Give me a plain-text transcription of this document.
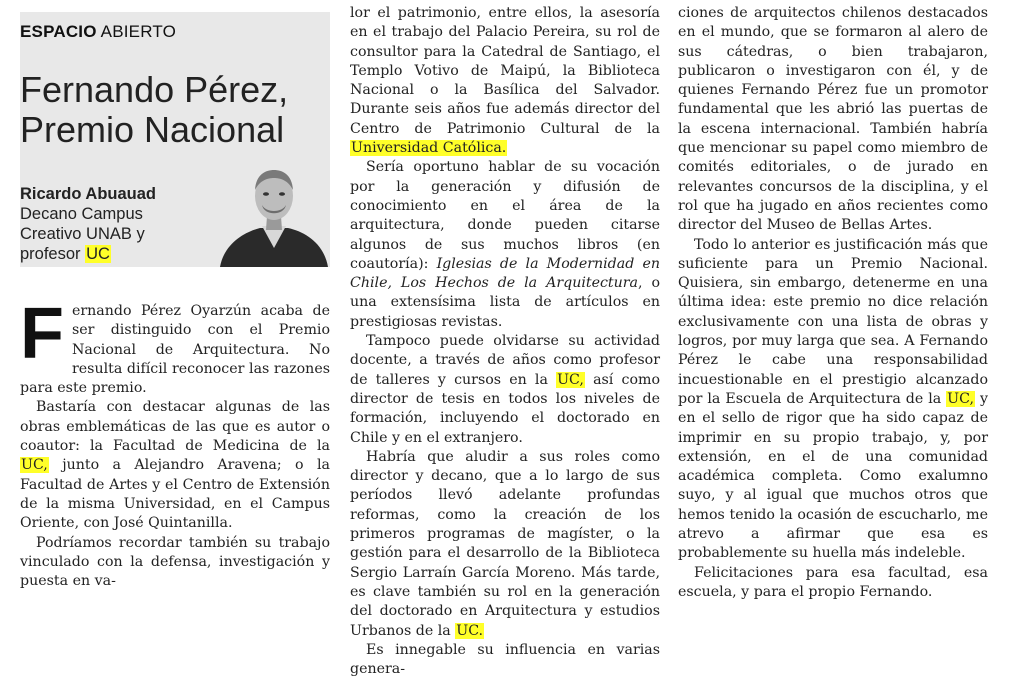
ESPACIO ABIERTO
Fernando Pérez,
Premio Nacional
Ricardo Abuauad
Decano Campus
Creativo UNAB y
profesor UC

Fernando Pérez Oyarzún acaba de ser distinguido con el Premio Nacional de Arquitectura. No resulta difícil reconocer las razones para este premio.

Bastaría con destacar algunas de las obras emblemáticas de las que es autor o coautor: la Facultad de Medicina de la UC, junto a Alejandro Aravena; o la Facultad de Artes y el Centro de Extensión de la misma Universidad, en el Campus Oriente, con José Quintanilla.

Podríamos recordar también su trabajo vinculado con la defensa, investigación y puesta en va-

lor el patrimonio, entre ellos, la asesoría en el trabajo del Palacio Pereira, su rol de consultor para la Catedral de Santiago, el Templo Votivo de Maipú, la Biblioteca Nacional o la Basílica del Salvador. Durante seis años fue además director del Centro de Patrimonio Cultural de la Universidad Católica.

Sería oportuno hablar de su vocación por la generación y difusión de conocimiento en el área de la arquitectura, donde pueden citarse algunos de sus muchos libros (en coautoría): Iglesias de la Modernidad en Chile, Los Hechos de la Arquitectura, o una extensísima lista de artículos en prestigiosas revistas.

Tampoco puede olvidarse su actividad docente, a través de años como profesor de talleres y cursos en la UC, así como director de tesis en todos los niveles de formación, incluyendo el doctorado en Chile y en el extranjero.

Habría que aludir a sus roles como director y decano, que a lo largo de sus períodos llevó adelante profundas reformas, como la creación de los primeros programas de magíster, o la gestión para el desarrollo de la Biblioteca Sergio Larraín García Moreno. Más tarde, es clave también su rol en la generación del doctorado en Arquitectura y estudios Urbanos de la UC.

Es innegable su influencia en varias genera-

ciones de arquitectos chilenos destacados en el mundo, que se formaron al alero de sus cátedras, o bien trabajaron, publicaron o investigaron con él, y de quienes Fernando Pérez fue un promotor fundamental que les abrió las puertas de la escena internacional. También habría que mencionar su papel como miembro de comités editoriales, o de jurado en relevantes concursos de la disciplina, y el rol que ha jugado en años recientes como director del Museo de Bellas Artes.

Todo lo anterior es justificación más que suficiente para un Premio Nacional. Quisiera, sin embargo, detenerme en una última idea: este premio no dice relación exclusivamente con una lista de obras y logros, por muy larga que sea. A Fernando Pérez le cabe una responsabilidad incuestionable en el prestigio alcanzado por la Escuela de Arquitectura de la UC, y en el sello de rigor que ha sido capaz de imprimir en su propio trabajo, y, por extensión, en el de una comunidad académica completa. Como exalumno suyo, y al igual que muchos otros que hemos tenido la ocasión de escucharlo, me atrevo a afirmar que esa es probablemente su huella más indeleble.

Felicitaciones para esa facultad, esa escuela, y para el propio Fernando.
